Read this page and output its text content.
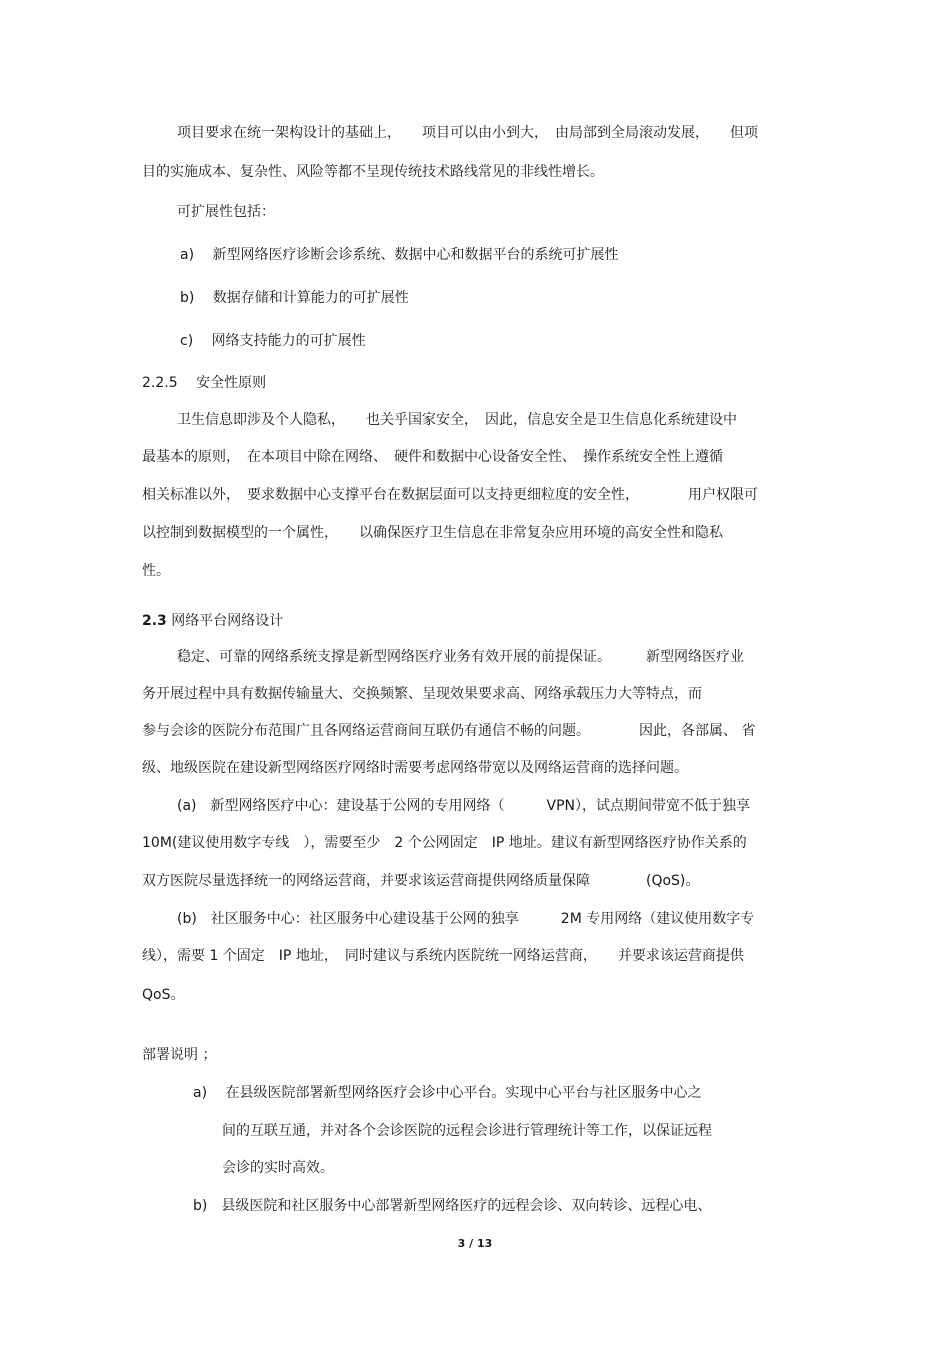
项目要求在统一架构设计的基础上，　　项目可以由小到大，　由局部到全局滚动发展，　　但项
目的实施成本、复杂性、风险等都不呈现传统技术路线常见的非线性增长。
可扩展性包括：
a)　 新型网络医疗诊断会诊系统、数据中心和数据平台的系统可扩展性
b)　 数据存储和计算能力的可扩展性
c)　 网络支持能力的可扩展性
2.2.5　 安全性原则
卫生信息即涉及个人隐私，　　也关乎国家安全，　因此，信息安全是卫生信息化系统建设中
最基本的原则，　在本项目中除在网络、　硬件和数据中心设备安全性、　操作系统安全性上遵循
相关标准以外，　要求数据中心支撑平台在数据层面可以支持更细粒度的安全性，　　　　用户权限可
以控制到数据模型的一个属性，　　以确保医疗卫生信息在非常复杂应用环境的高安全性和隐私
性。
2.3 网络平台网络设计
稳定、可靠的网络系统支撑是新型网络医疗业务有效开展的前提保证。　　　新型网络医疗业
务开展过程中具有数据传输量大、交换频繁、呈现效果要求高、网络承载压力大等特点，而
参与会诊的医院分布范围广且各网络运营商间互联仍有通信不畅的问题。　　　　因此，各部属、 省
级、地级医院在建设新型网络医疗网络时需要考虑网络带宽以及网络运营商的选择问题。
(a)　新型网络医疗中心：建设基于公网的专用网络（　　　VPN），试点期间带宽不低于独享
10M(建议使用数字专线　），需要至少　2 个公网固定　IP 地址。建议有新型网络医疗协作关系的
双方医院尽量选择统一的网络运营商，并要求该运营商提供网络质量保障　　　　(QoS)。
(b)　社区服务中心：社区服务中心建设基于公网的独享　　　2M 专用网络（建议使用数字专
线），需要 1 个固定　IP 地址，　同时建议与系统内医院统一网络运营商，　　并要求该运营商提供
QoS。
部署说明 ；
a)　 在县级医院部署新型网络医疗会诊中心平台。实现中心平台与社区服务中心之
间的互联互通，并对各个会诊医院的远程会诊进行管理统计等工作，以保证远程
会诊的实时高效。
b)　县级医院和社区服务中心部署新型网络医疗的远程会诊、双向转诊、远程心电、
3 / 13
